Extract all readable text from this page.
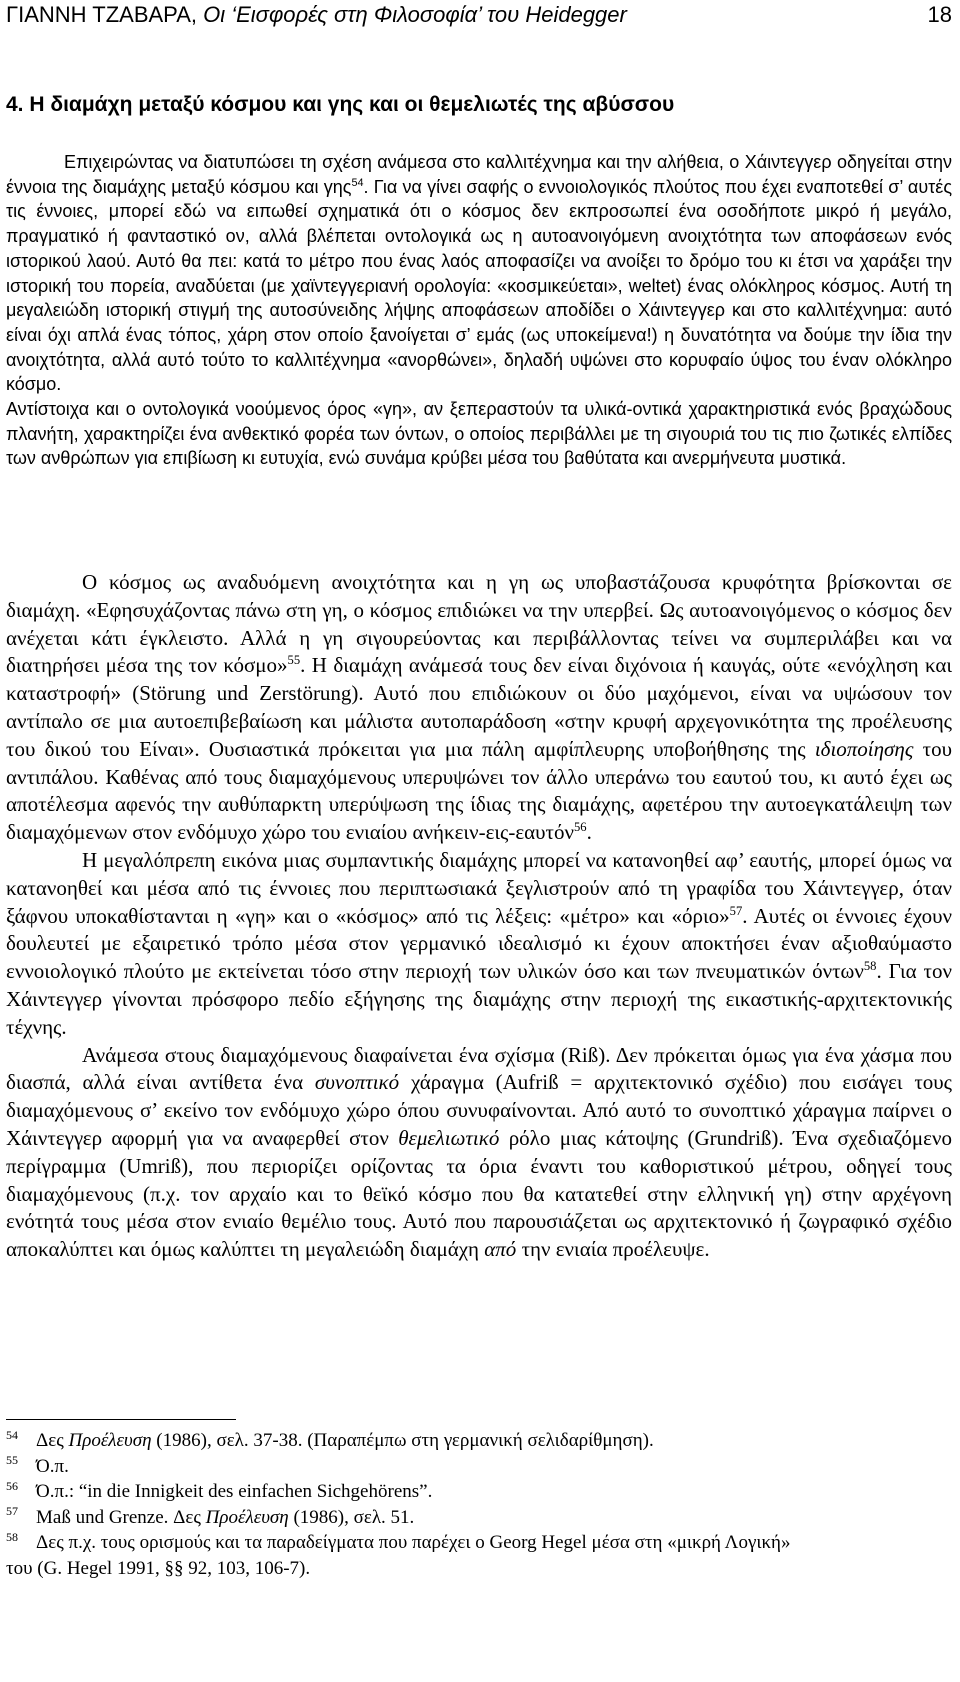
ΓΙΑΝΝΗ ΤΖΑΒΑΡΑ, Οι ‘Εισφορές στη Φιλοσοφία’ του Heidegger	18
4. Η διαμάχη μεταξύ κόσμου και γης και οι θεμελιωτές της αβύσσου

Επιχειρώντας να διατυπώσει τη σχέση ανάμεσα στο καλλιτέχνημα και την αλήθεια, ο Χάιντεγγερ οδηγείται στην έννοια της διαμάχης μεταξύ κόσμου και γης$^{54}$. Για να γίνει σαφής ο εννοιολογικός πλούτος που έχει εναποτεθεί σ’ αυτές τις έννοιες, μπορεί εδώ να ειπωθεί σχηματικά ότι ο κόσμος δεν εκπροσωπεί ένα οσοδήποτε μικρό ή μεγάλο, πραγματικό ή φανταστικό ον, αλλά βλέπεται οντολογικά ως η αυτοανοιγόμενη ανοιχτότητα των αποφάσεων ενός ιστορικού λαού. Αυτό θα πει: κατά το μέτρο που ένας λαός αποφασίζει να ανοίξει το δρόμο του κι έτσι να χαράξει την ιστορική του πορεία, αναδύεται (με χαϊντεγγεριανή ορολογία: «κοσμικεύεται», weltet) ένας ολόκληρος κόσμος. Αυτή τη μεγαλειώδη ιστορική στιγμή της αυτοσύνειδης λήψης αποφάσεων αποδίδει ο Χάιντεγγερ και στο καλλιτέχνημα: αυτό είναι όχι απλά ένας τόπος, χάρη στον οποίο ξανοίγεται σ’ εμάς (ως υποκείμενα!) η δυνατότητα να δούμε την ίδια την ανοιχτότητα, αλλά αυτό τούτο το καλλιτέχνημα «ανορθώνει», δηλαδή υψώνει στο κορυφαίο ύψος του έναν ολόκληρο κόσμο.

Αντίστοιχα και ο οντολογικά νοούμενος όρος «γη», αν ξεπεραστούν τα υλικά-οντικά χαρακτηριστικά ενός βραχώδους πλανήτη, χαρακτηρίζει ένα ανθεκτικό φορέα των όντων, ο οποίος περιβάλλει με τη σιγουριά του τις πιο ζωτικές ελπίδες των ανθρώπων για επιβίωση κι ευτυχία, ενώ συνάμα κρύβει μέσα του βαθύτατα και ανερμήνευτα μυστικά.

Ο κόσμος ως αναδυόμενη ανοιχτότητα και η γη ως υποβαστάζουσα κρυφότητα βρίσκονται σε διαμάχη. «Εφησυχάζοντας πάνω στη γη, ο κόσμος επιδιώκει να την υπερβεί. Ως αυτοανοιγόμενος ο κόσμος δεν ανέχεται κάτι έγκλειστο. Αλλά η γη σιγουρεύοντας και περιβάλλοντας τείνει να συμπεριλάβει και να διατηρήσει μέσα της τον κόσμο»$^{55}$. Η διαμάχη ανάμεσά τους δεν είναι διχόνοια ή καυγάς, ούτε «ενόχληση και καταστροφή» (Störung und Zerstörung). Αυτό που επιδιώκουν οι δύο μαχόμενοι, είναι να υψώσουν τον αντίπαλο σε μια αυτοεπιβεβαίωση και μάλιστα αυτοπαράδοση «στην κρυφή αρχεγονικότητα της προέλευσης του δικού του Είναι». Ουσιαστικά πρόκειται για μια πάλη αμφίπλευρης υποβοήθησης της ιδιοποίησης του αντιπάλου. Καθένας από τους διαμαχόμενους υπερυψώνει τον άλλο υπεράνω του εαυτού του, κι αυτό έχει ως αποτέλεσμα αφενός την αυθύπαρκτη υπερύψωση της ίδιας της διαμάχης, αφετέρου την αυτοεγκατάλειψη των διαμαχόμενων στον ενδόμυχο χώρο του ενιαίου ανήκειν-εις-εαυτόν$^{56}$.

Η μεγαλόπρεπη εικόνα μιας συμπαντικής διαμάχης μπορεί να κατανοηθεί αφ’ εαυτής, μπορεί όμως να κατανοηθεί και μέσα από τις έννοιες που περιπτωσιακά ξεγλιστρούν από τη γραφίδα του Χάιντεγγερ, όταν ξάφνου υποκαθίστανται η «γη» και ο «κόσμος» από τις λέξεις: «μέτρο» και «όριο»$^{57}$. Αυτές οι έννοιες έχουν δουλευτεί με εξαιρετικό τρόπο μέσα στον γερμανικό ιδεαλισμό κι έχουν αποκτήσει έναν αξιοθαύμαστο εννοιολογικό πλούτο με εκτείνεται τόσο στην περιοχή των υλικών όσο και των πνευματικών όντων$^{58}$. Για τον Χάιντεγγερ γίνονται πρόσφορο πεδίο εξήγησης της διαμάχης στην περιοχή της εικαστικής-αρχιτεκτονικής τέχνης.

Ανάμεσα στους διαμαχόμενους διαφαίνεται ένα σχίσμα (Riß). Δεν πρόκειται όμως για ένα χάσμα που διασπά, αλλά είναι αντίθετα ένα συνοπτικό χάραγμα (Aufriß = αρχιτεκτονικό σχέδιο) που εισάγει τους διαμαχόμενους σ’ εκείνο τον ενδόμυχο χώρο όπου συνυφαίνονται. Από αυτό το συνοπτικό χάραγμα παίρνει ο Χάιντεγγερ αφορμή για να αναφερθεί στον θεμελιωτικό ρόλο μιας κάτοψης (Grundriß). Ένα σχεδιαζόμενο περίγραμμα (Umriß), που περιορίζει ορίζοντας τα όρια έναντι του καθοριστικού μέτρου, οδηγεί τους διαμαχόμενους (π.χ. τον αρχαίο και το θεϊκό κόσμο που θα κατατεθεί στην ελληνική γη) στην αρχέγονη ενότητά τους μέσα στον ενιαίο θεμέλιο τους. Αυτό που παρουσιάζεται ως αρχιτεκτονικό ή ζωγραφικό σχέδιο αποκαλύπτει και όμως καλύπτει τη μεγαλειώδη διαμάχη από την ενιαία προέλευψε.

54 Δες Προέλευση (1986), σελ. 37-38. (Παραπέμπω στη γερμανική σελιδαρίθμηση).
55 Ό.π.
56 Ό.π.: “in die Innigkeit des einfachen Sichgehörens”.
57 Maß und Grenze. Δες Προέλευση (1986), σελ. 51.
58 Δες π.χ. τους ορισμούς και τα παραδείγματα που παρέχει ο Georg Hegel μέσα στη «μικρή Λογική»
του (G. Hegel 1991, §§ 92, 103, 106-7).
